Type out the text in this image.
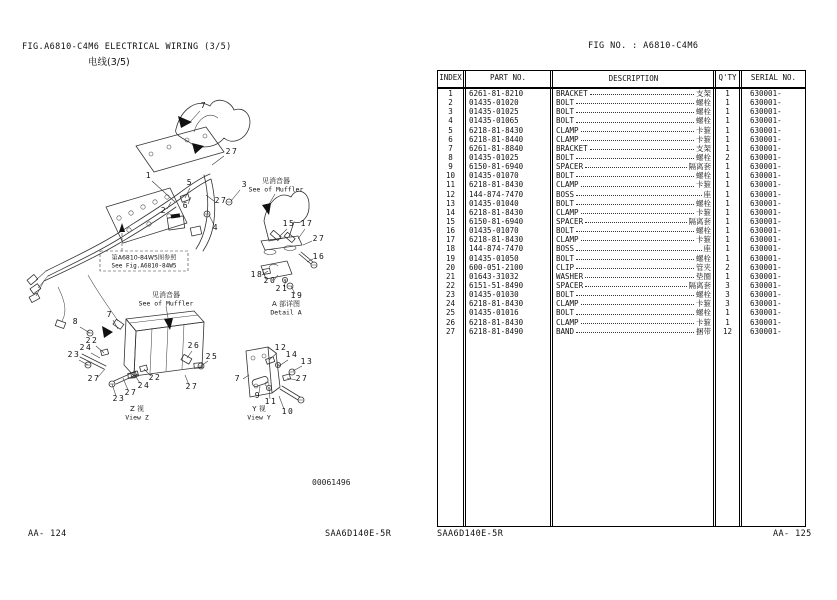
FIG.A6810-C4M6 ELECTRICAL WIRING (3/5)
电线(3/5)
FIG NO. : A6810-C4M6
第A6810-84W5图参照
See Fig.A6810-84W5
7
27
1
5	3
6
27
2
4	15 17
27
16
18
20
21
19
8
7
22
24
23
27	22
24
27
23
26
25
27
12
14
13
7	27
9
11
10
见消音器
See of Muffler
见消音器
See of Muffler	A 部详图
Detail A
Z 视
View Z
Y 视
View Y
00061496
INDEX	PART NO.	DESCRIPTION	Q'TY	SERIAL NO.
1	6261-81-8210	BRACKET	支架	1	630001-
2	01435-01020	BOLT	螺栓	1	630001-
3	01435-01025	BOLT	螺栓	1	630001-
4	01435-01065	BOLT	螺栓	1	630001-
5	6218-81-8430	CLAMP	卡箍	1	630001-
6	6218-81-8440	CLAMP	卡箍	1	630001-
7	6261-81-8840	BRACKET	支架	1	630001-
8	01435-01025	BOLT	螺栓	2	630001-
9	6150-81-6940	SPACER	隔离套	1	630001-
10	01435-01070	BOLT	螺栓	1	630001-
11	6218-81-8430	CLAMP	卡箍	1	630001-
12	144-874-7470	BOSS	座	1	630001-
13	01435-01040	BOLT	螺栓	1	630001-
14	6218-81-8430	CLAMP	卡箍	1	630001-
15	6150-81-6940	SPACER	隔离套	1	630001-
16	01435-01070	BOLT	螺栓	1	630001-
17	6218-81-8430	CLAMP	卡箍	1	630001-
18	144-874-7470	BOSS	座	1	630001-
19	01435-01050	BOLT	螺栓	1	630001-
20	600-051-2100	CLIP	管夹	2	630001-
21	01643-31032	WASHER	垫圈	1	630001-
22	6151-51-8490	SPACER	隔离套	3	630001-
23	01435-01030	BOLT	螺栓	3	630001-
24	6218-81-8430	CLAMP	卡箍	3	630001-
25	01435-01016	BOLT	螺栓	1	630001-
26	6218-81-8430	CLAMP	卡箍	1	630001-
27	6218-81-8490	BAND	捆带	12	630001-
AA- 124	SAA6D140E-5R	SAA6D140E-5R	AA- 125
